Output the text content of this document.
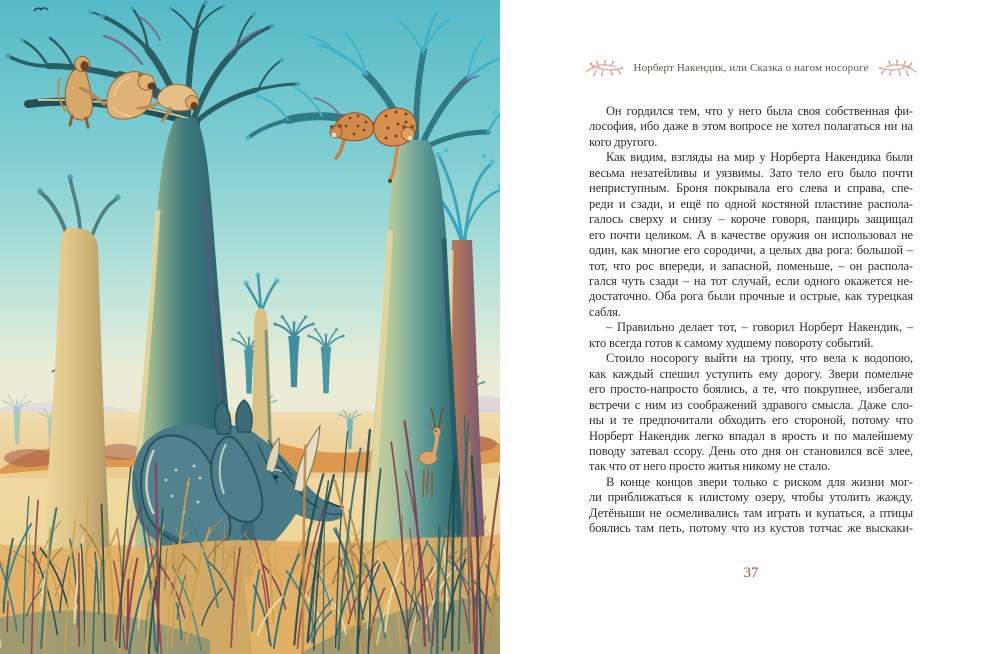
Норберт Накендик, или Сказка о нагом носороге
Он гордился тем, что у него была своя собственная фи-
лософия, ибо даже в этом вопросе не хотел полагаться ни на
кого другого.
Как видим, взгляды на мир у Норберта Накендика были
весьма незатейливы и уязвимы. Зато тело его было почти
неприступным. Броня покрывала его слева и справа, спе-
реди и сзади, и ещё по одной костяной пластине распола-
галось сверху и снизу – короче говоря, панцирь защищал
его почти целиком. А в качестве оружия он использовал не
один, как многие его сородичи, а целых два рога: большой –
тот, что рос впереди, и запасной, поменьше, – он распола-
гался чуть сзади – на тот случай, если одного окажется не-
достаточно. Оба рога были прочные и острые, как турецкая
сабля.
– Правильно делает тот, – говорил Норберт Накендик, –
кто всегда готов к самому худшему повороту событий.
Стоило носорогу выйти на тропу, что вела к водопою,
как каждый спешил уступить ему дорогу. Звери помельче
его просто-напросто боялись, а те, что покрупнее, избегали
встречи с ним из соображений здравого смысла. Даже сло-
ны и те предпочитали обходить его стороной, потому что
Норберт Накендик легко впадал в ярость и по малейшему
поводу затевал ссору. День ото дня он становился всё злее,
так что от него просто житья никому не стало.
В конце концов звери только с риском для жизни мог-
ли приближаться к илистому озеру, чтобы утолить жажду.
Детёныши не осмеливались там играть и купаться, а птицы
боялись там петь, потому что из кустов тотчас же выскаки-
37
